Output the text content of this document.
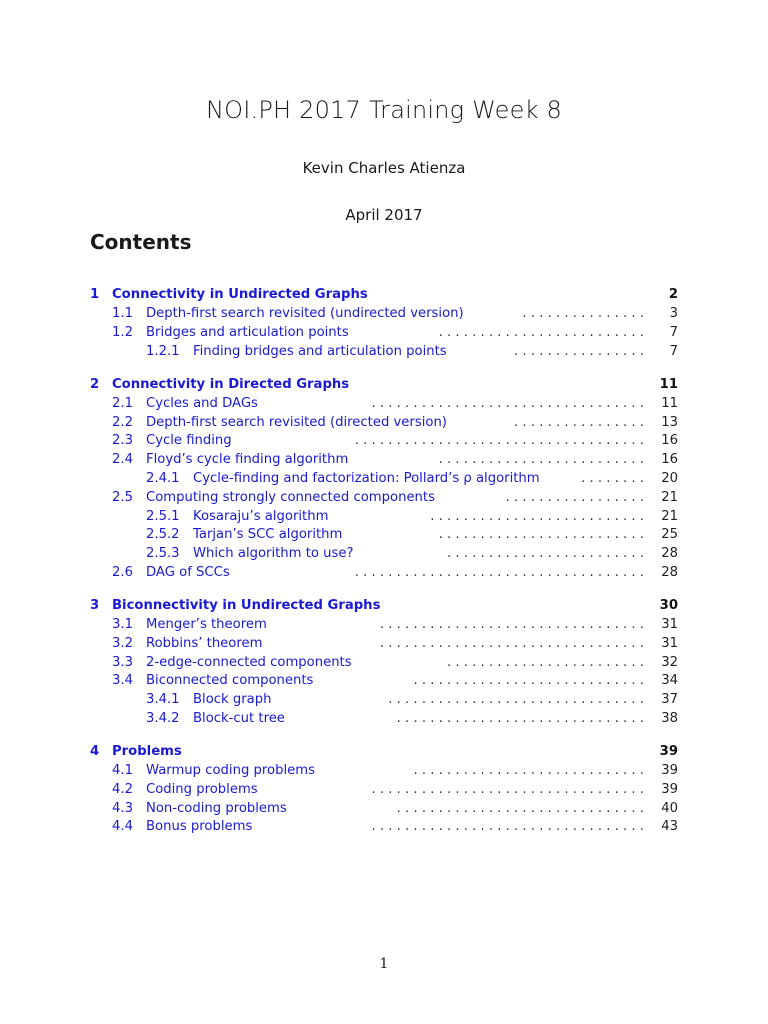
NOI.PH 2017 Training Week 8
Kevin Charles Atienza
April 2017
Contents
1 Connectivity in Undirected Graphs	2
1.1 Depth-first search revisited (undirected version)	3
. . . . . . . . . . . . . . .
1.2 Bridges and articulation points	7
. . . . . . . . . . . . . . . . . . . . . . . . .
1.2.1 Finding bridges and articulation points	7
. . . . . . . . . . . . . . . .
2 Connectivity in Directed Graphs	11
2.1 Cycles and DAGs	11
. . . . . . . . . . . . . . . . . . . . . . . . . . . . . . . . .
2.2 Depth-first search revisited (directed version)	13
. . . . . . . . . . . . . . . .
2.3 Cycle finding	16
. . . . . . . . . . . . . . . . . . . . . . . . . . . . . . . . . . .
2.4 Floyd’s cycle finding algorithm	16
. . . . . . . . . . . . . . . . . . . . . . . . .
2.4.1 Cycle-finding and factorization: Pollard’s ρ algorithm	20
. . . . . . . .
2.5 Computing strongly connected components	21
. . . . . . . . . . . . . . . . .
2.5.1 Kosaraju’s algorithm	21
. . . . . . . . . . . . . . . . . . . . . . . . . .
2.5.2 Tarjan’s SCC algorithm	25
. . . . . . . . . . . . . . . . . . . . . . . . .
2.5.3 Which algorithm to use?	28
. . . . . . . . . . . . . . . . . . . . . . . .
2.6 DAG of SCCs	28
. . . . . . . . . . . . . . . . . . . . . . . . . . . . . . . . . . .
3 Biconnectivity in Undirected Graphs	30
3.1 Menger’s theorem	31
. . . . . . . . . . . . . . . . . . . . . . . . . . . . . . . .
3.2 Robbins’ theorem	31
. . . . . . . . . . . . . . . . . . . . . . . . . . . . . . . .
3.3 2-edge-connected components	32
. . . . . . . . . . . . . . . . . . . . . . . .
3.4 Biconnected components	34
. . . . . . . . . . . . . . . . . . . . . . . . . . . .
3.4.1 Block graph	37
. . . . . . . . . . . . . . . . . . . . . . . . . . . . . . .
3.4.2 Block-cut tree	38
. . . . . . . . . . . . . . . . . . . . . . . . . . . . . .
4 Problems	39
4.1 Warmup coding problems	39
. . . . . . . . . . . . . . . . . . . . . . . . . . . .
4.2 Coding problems	39
. . . . . . . . . . . . . . . . . . . . . . . . . . . . . . . . .
4.3 Non-coding problems	40
. . . . . . . . . . . . . . . . . . . . . . . . . . . . . .
4.4 Bonus problems	43
. . . . . . . . . . . . . . . . . . . . . . . . . . . . . . . . .
1
